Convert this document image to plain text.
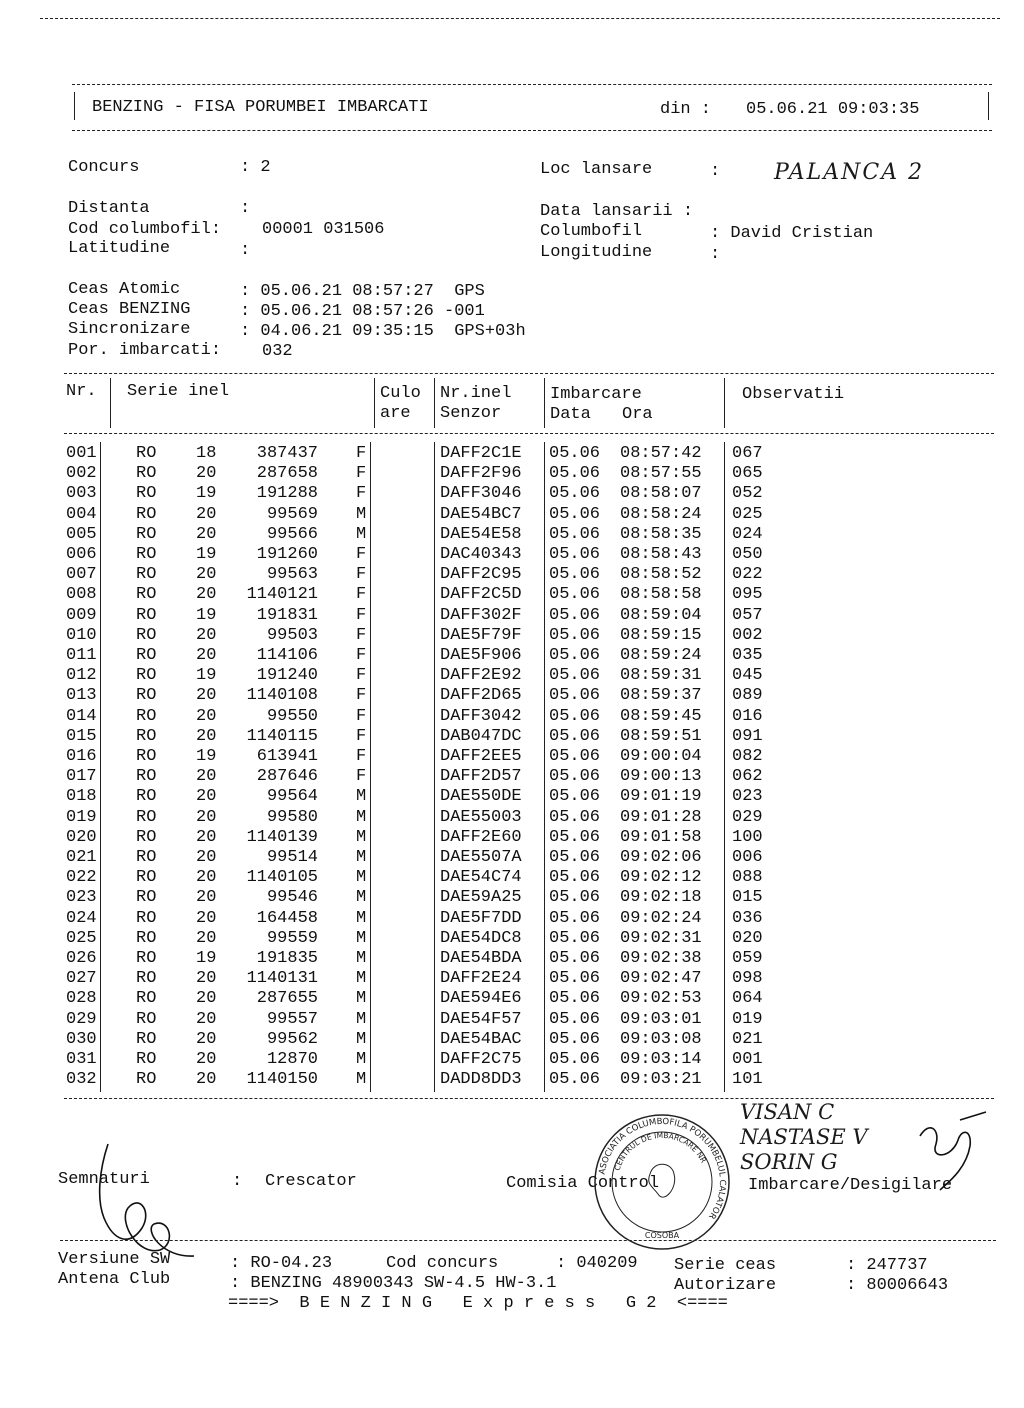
BENZING - FISA PORUMBEI IMBARCATI	din : 05.06.21 09:03:35
Concurs	: 2	Loc lansare	: PALANCA 2
Distanta	:
Cod columbofil: 00001 031506
Latitudine	:
Data lansarii :
Columbofil	: David Cristian
Longitudine	:
Ceas Atomic	: 05.06.21 08:57:27  GPS
Ceas BENZING	: 05.06.21 08:57:26 -001
Sincronizare	: 04.06.21 09:35:15  GPS+03h
Por. imbarcati: 032
Nr. Serie inel	Culo
are
Nr.inel
Senzor
Imbarcare
Data Ora
Observatii
001 RO 18 387437 F	DAFF2C1E 05.06 08:57:42 067
002 RO 20 287658 F	DAFF2F96 05.06 08:57:55 065
003 RO 19 191288 F	DAFF3046 05.06 08:58:07 052
004 RO 20	99569 M	DAE54BC7 05.06 08:58:24 025
005 RO 20	99566 M	DAE54E58 05.06 08:58:35 024
006 RO 19 191260 F	DAC40343 05.06 08:58:43 050
007 RO 20	99563 F	DAFF2C95 05.06 08:58:52 022
008 RO 20 1140121 F	DAFF2C5D 05.06 08:58:58 095
009 RO 19 191831 F	DAFF302F 05.06 08:59:04 057
010 RO 20	99503 F	DAE5F79F 05.06 08:59:15 002
011 RO 20 114106 F	DAE5F906 05.06 08:59:24 035
012 RO 19 191240 F	DAFF2E92 05.06 08:59:31 045
013 RO 20 1140108 F	DAFF2D65 05.06 08:59:37 089
014 RO 20	99550 F	DAFF3042 05.06 08:59:45 016
015 RO 20 1140115 F	DAB047DC 05.06 08:59:51 091
016 RO 19 613941 F	DAFF2EE5 05.06 09:00:04 082
017 RO 20 287646 F	DAFF2D57 05.06 09:00:13 062
018 RO 20	99564 M	DAE550DE 05.06 09:01:19 023
019 RO 20	99580 M	DAE55003 05.06 09:01:28 029
020 RO 20 1140139 M	DAFF2E60 05.06 09:01:58 100
021 RO 20	99514 M	DAE5507A 05.06 09:02:06 006
022 RO 20 1140105 M	DAE54C74 05.06 09:02:12 088
023 RO 20	99546 M	DAE59A25 05.06 09:02:18 015
024 RO 20 164458 M	DAE5F7DD 05.06 09:02:24 036
025 RO 20	99559 M	DAE54DC8 05.06 09:02:31 020
026 RO 19 191835 M	DAE54BDA 05.06 09:02:38 059
027 RO 20 1140131 M	DAFF2E24 05.06 09:02:47 098
028 RO 20 287655 M	DAE594E6 05.06 09:02:53 064
029 RO 20	99557 M	DAE54F57 05.06 09:03:01 019
030 RO 20	99562 M	DAE54BAC 05.06 09:03:08 021
031 RO 20	12870 M	DAFF2C75 05.06 09:03:14 001
032 RO 20 1140150 M	DADD8DD3 05.06 09:03:21 101
Semnaturi	: Crescator	Comisia Control	Imbarcare/Desigilare
VISAN C
NASTASE V
SORIN G
ASOCIATIA COLUMBOFILA PORUMBELUL CALATOR
CENTRUL DE IMBARCARE NR
COSOBA
Versiune SW	: RO-04.23	Cod concurs	: 040209 Serie ceas	: 247737
Antena Club	: BENZING 48900343 SW-4.5 HW-3.1	Autorizare	: 80006643
====>  B E N Z I N G   E x p r e s s   G 2  <====
